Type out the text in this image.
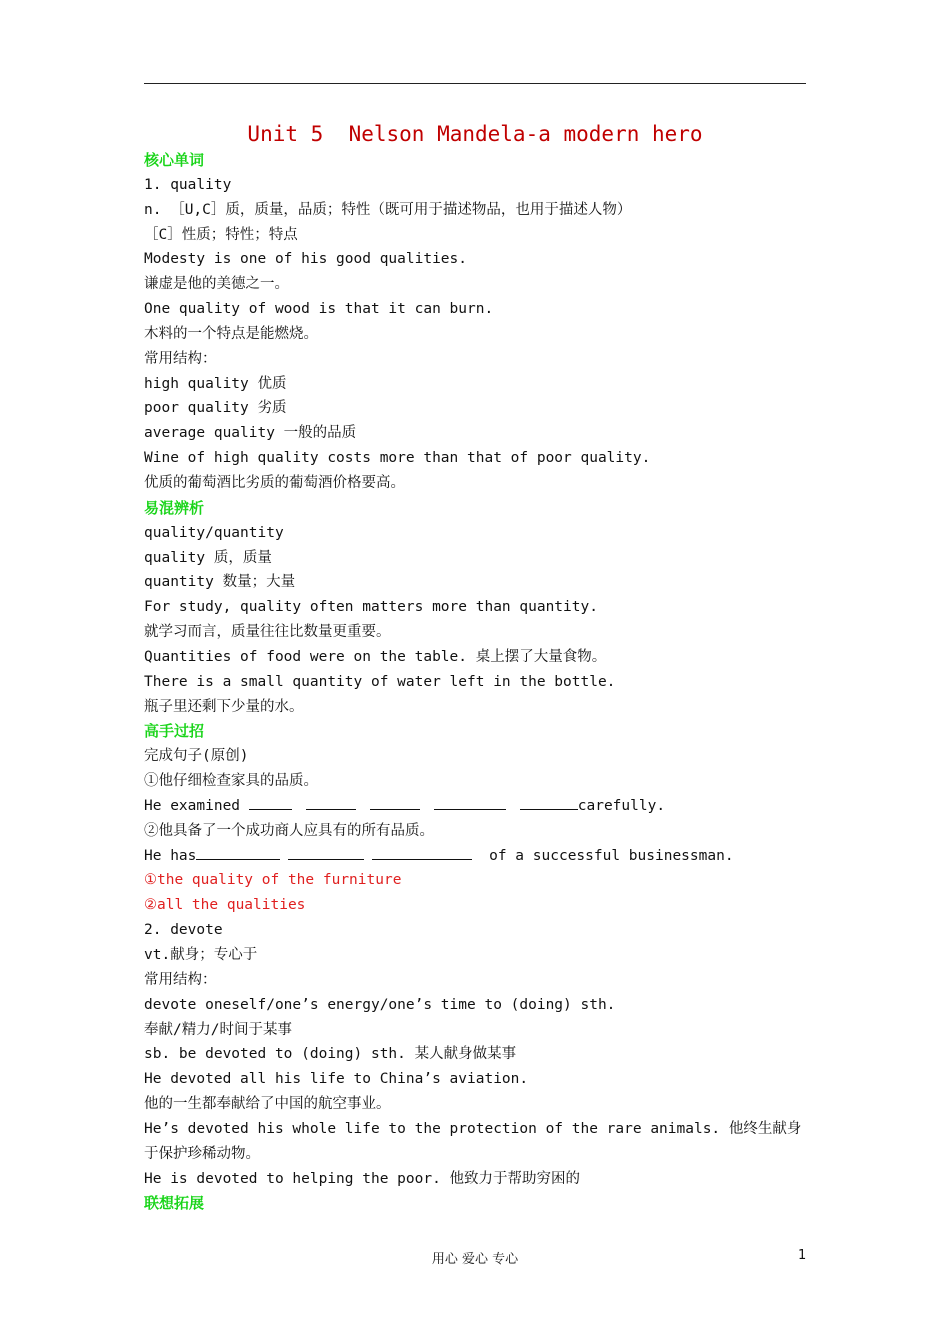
Unit 5  Nelson Mandela-a modern hero
核心单词
1. quality
n. ［U,C］质，质量，品质；特性（既可用于描述物品，也用于描述人物）
［C］性质；特性；特点
Modesty is one of his good qualities.
谦虚是他的美德之一。
One quality of wood is that it can burn.
木料的一个特点是能燃烧。
常用结构：
high quality 优质
poor quality 劣质
average quality 一般的品质
Wine of high quality costs more than that of poor quality.
优质的葡萄酒比劣质的葡萄酒价格要高。
易混辨析
quality/quantity
quality 质，质量
quantity 数量；大量
For study, quality often matters more than quantity.
就学习而言，质量往往比数量更重要。
Quantities of food were on the table. 桌上摆了大量食物。
There is a small quantity of water left in the bottle.
瓶子里还剩下少量的水。
高手过招
完成句子(原创)
①他仔细检查家具的品质。
He examined	carefully.
②他具备了一个成功商人应具有的所有品质。
He has	of a successful businessman.
①the quality of the furniture
②all the qualities
2. devote
vt.献身；专心于
常用结构：
devote oneself/one’s energy/one’s time to (doing) sth.
奉献/精力/时间于某事
sb. be devoted to (doing) sth. 某人献身做某事
He devoted all his life to China’s aviation.
他的一生都奉献给了中国的航空事业。
He’s devoted his whole life to the protection of the rare animals. 他终生献身
于保护珍稀动物。
He is devoted to helping the poor. 他致力于帮助穷困的
联想拓展
用心 爱心 专心	1
